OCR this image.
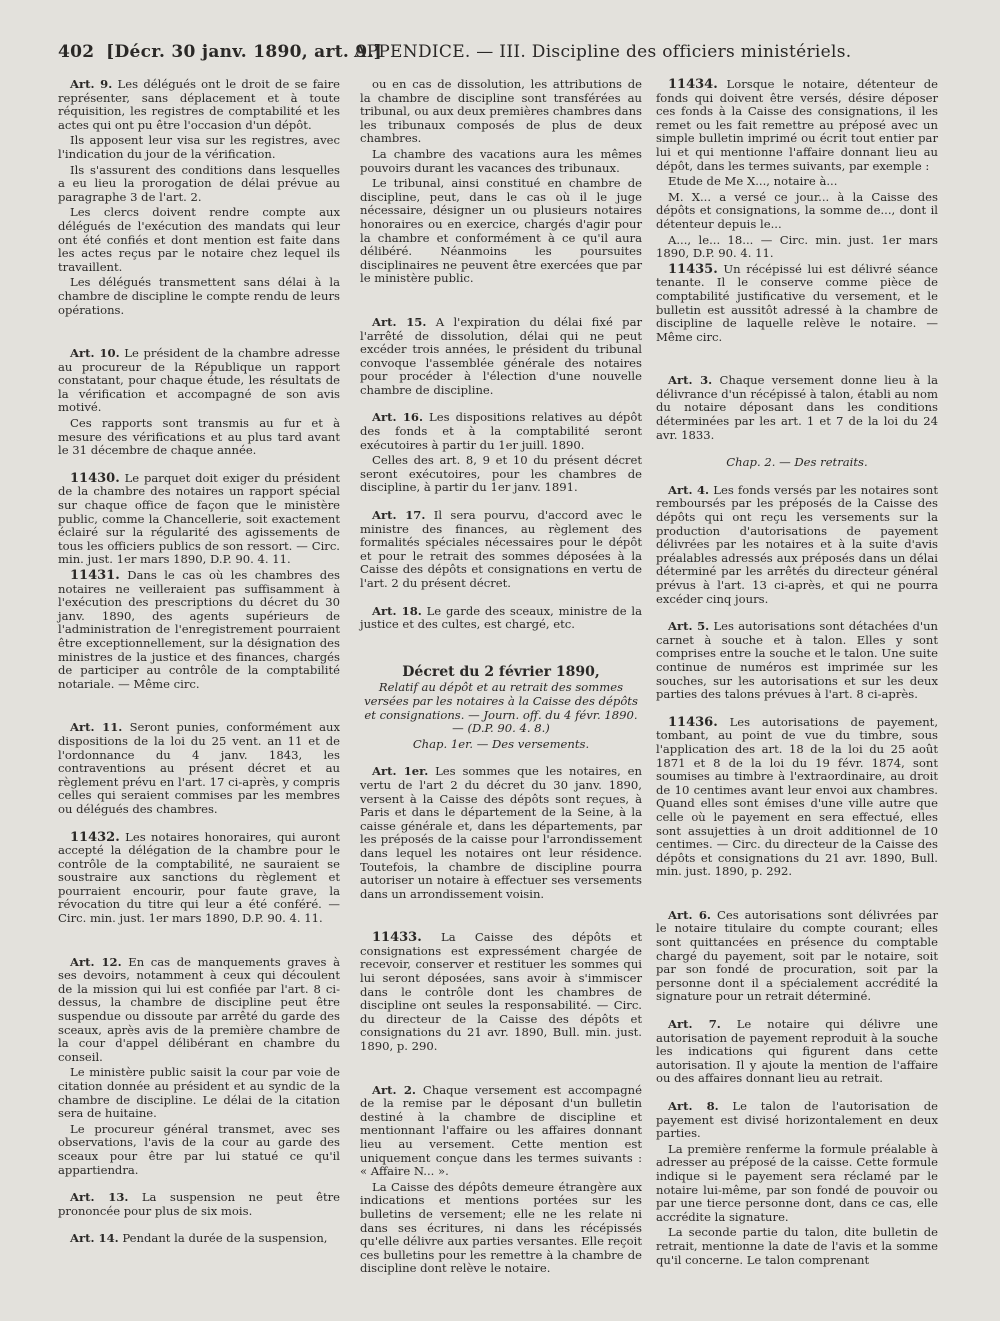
402 [Décr. 30 janv. 1890, art. 9.]
APPENDICE. — III. Discipline des officiers ministériels.

Art. 9. Les délégués ont le droit de se faire représenter, sans déplacement et à toute réquisition, les registres de comptabilité et les actes qui ont pu être l'occasion d'un dépôt.

Ils apposent leur visa sur les registres, avec l'indication du jour de la vérification.

Ils s'assurent des conditions dans lesquelles a eu lieu la prorogation de délai prévue au paragraphe 3 de l'art. 2.

Les clercs doivent rendre compte aux délégués de l'exécution des mandats qui leur ont été confiés et dont mention est faite dans les actes reçus par le notaire chez lequel ils travaillent.

Les délégués transmettent sans délai à la chambre de discipline le compte rendu de leurs opérations.

Art. 10. Le président de la chambre adresse au procureur de la République un rapport constatant, pour chaque étude, les résultats de la vérification et accompagné de son avis motivé.

Ces rapports sont transmis au fur et à mesure des vérifications et au plus tard avant le 31 décembre de chaque année.

11430. Le parquet doit exiger du président de la chambre des notaires un rapport spécial sur chaque office de façon que le ministère public, comme la Chancellerie, soit exactement éclairé sur la régularité des agissements de tous les officiers publics de son ressort. — Circ. min. just. 1er mars 1890, D.P. 90. 4. 11.

11431. Dans le cas où les chambres des notaires ne veilleraient pas suffisamment à l'exécution des prescriptions du décret du 30 janv. 1890, des agents supérieurs de l'administration de l'enregistrement pourraient être exceptionnellement, sur la désignation des ministres de la justice et des finances, chargés de participer au contrôle de la comptabilité notariale. — Même circ.

Art. 11. Seront punies, conformément aux dispositions de la loi du 25 vent. an 11 et de l'ordonnance du 4 janv. 1843, les contraventions au présent décret et au règlement prévu en l'art. 17 ci-après, y compris celles qui seraient commises par les membres ou délégués des chambres.

11432. Les notaires honoraires, qui auront accepté la délégation de la chambre pour le contrôle de la comptabilité, ne sauraient se soustraire aux sanctions du règlement et pourraient encourir, pour faute grave, la révocation du titre qui leur a été conféré. — Circ. min. just. 1er mars 1890, D.P. 90. 4. 11.

Art. 12. En cas de manquements graves à ses devoirs, notamment à ceux qui découlent de la mission qui lui est confiée par l'art. 8 ci-dessus, la chambre de discipline peut être suspendue ou dissoute par arrêté du garde des sceaux, après avis de la première chambre de la cour d'appel délibérant en chambre du conseil.

Le ministère public saisit la cour par voie de citation donnée au président et au syndic de la chambre de discipline. Le délai de la citation sera de huitaine.

Le procureur général transmet, avec ses observations, l'avis de la cour au garde des sceaux pour être par lui statué ce qu'il appartiendra.

Art. 13. La suspension ne peut être prononcée pour plus de six mois.

Art. 14. Pendant la durée de la suspension,

ou en cas de dissolution, les attributions de la chambre de discipline sont transférées au tribunal, ou aux deux premières chambres dans les tribunaux composés de plus de deux chambres.

La chambre des vacations aura les mêmes pouvoirs durant les vacances des tribunaux.

Le tribunal, ainsi constitué en chambre de discipline, peut, dans le cas où il le juge nécessaire, désigner un ou plusieurs notaires honoraires ou en exercice, chargés d'agir pour la chambre et conformément à ce qu'il aura délibéré. Néanmoins les poursuites disciplinaires ne peuvent être exercées que par le ministère public.

Art. 15. A l'expiration du délai fixé par l'arrêté de dissolution, délai qui ne peut excéder trois années, le président du tribunal convoque l'assemblée générale des notaires pour procéder à l'élection d'une nouvelle chambre de discipline.

Art. 16. Les dispositions relatives au dépôt des fonds et à la comptabilité seront exécutoires à partir du 1er juill. 1890.

Celles des art. 8, 9 et 10 du présent décret seront exécutoires, pour les chambres de discipline, à partir du 1er janv. 1891.

Art. 17. Il sera pourvu, d'accord avec le ministre des finances, au règlement des formalités spéciales nécessaires pour le dépôt et pour le retrait des sommes déposées à la Caisse des dépôts et consignations en vertu de l'art. 2 du présent décret.

Art. 18. Le garde des sceaux, ministre de la justice et des cultes, est chargé, etc.

Décret du 2 février 1890,

Relatif au dépôt et au retrait des sommes versées par les notaires à la Caisse des dépôts et consignations. — Journ. off. du 4 févr. 1890. — (D.P. 90. 4. 8.)

Chap. 1er. — Des versements.

Art. 1er. Les sommes que les notaires, en vertu de l'art 2 du décret du 30 janv. 1890, versent à la Caisse des dépôts sont reçues, à Paris et dans le département de la Seine, à la caisse générale et, dans les départements, par les préposés de la caisse pour l'arrondissement dans lequel les notaires ont leur résidence. Toutefois, la chambre de discipline pourra autoriser un notaire à effectuer ses versements dans un arrondissement voisin.

11433. La Caisse des dépôts et consignations est expressément chargée de recevoir, conserver et restituer les sommes qui lui seront déposées, sans avoir à s'immiscer dans le contrôle dont les chambres de discipline ont seules la responsabilité. — Circ. du directeur de la Caisse des dépôts et consignations du 21 avr. 1890, Bull. min. just. 1890, p. 290.

Art. 2. Chaque versement est accompagné de la remise par le déposant d'un bulletin destiné à la chambre de discipline et mentionnant l'affaire ou les affaires donnant lieu au versement. Cette mention est uniquement conçue dans les termes suivants : « Affaire N... ».

La Caisse des dépôts demeure étrangère aux indications et mentions portées sur les bulletins de versement; elle ne les relate ni dans ses écritures, ni dans les récépissés qu'elle délivre aux parties versantes. Elle reçoit ces bulletins pour les remettre à la chambre de discipline dont relève le notaire.

11434. Lorsque le notaire, détenteur de fonds qui doivent être versés, désire déposer ces fonds à la Caisse des consignations, il les remet ou les fait remettre au préposé avec un simple bulletin imprimé ou écrit tout entier par lui et qui mentionne l'affaire donnant lieu au dépôt, dans les termes suivants, par exemple :

Etude de Me X..., notaire à...

M. X... a versé ce jour... à la Caisse des dépôts et consignations, la somme de..., dont il détenteur depuis le...

A..., le... 18... — Circ. min. just. 1er mars 1890, D.P. 90. 4. 11.

11435. Un récépissé lui est délivré séance tenante. Il le conserve comme pièce de comptabilité justificative du versement, et le bulletin est aussitôt adressé à la chambre de discipline de laquelle relève le notaire. — Même circ.

Art. 3. Chaque versement donne lieu à la délivrance d'un récépissé à talon, établi au nom du notaire déposant dans les conditions déterminées par les art. 1 et 7 de la loi du 24 avr. 1833.

Chap. 2. — Des retraits.

Art. 4. Les fonds versés par les notaires sont remboursés par les préposés de la Caisse des dépôts qui ont reçu les versements sur la production d'autorisations de payement délivrées par les notaires et à la suite d'avis préalables adressés aux préposés dans un délai déterminé par les arrêtés du directeur général prévus à l'art. 13 ci-après, et qui ne pourra excéder cinq jours.

Art. 5. Les autorisations sont détachées d'un carnet à souche et à talon. Elles y sont comprises entre la souche et le talon. Une suite continue de numéros est imprimée sur les souches, sur les autorisations et sur les deux parties des talons prévues à l'art. 8 ci-après.

11436. Les autorisations de payement, tombant, au point de vue du timbre, sous l'application des art. 18 de la loi du 25 août 1871 et 8 de la loi du 19 févr. 1874, sont soumises au timbre à l'extraordinaire, au droit de 10 centimes avant leur envoi aux chambres. Quand elles sont émises d'une ville autre que celle où le payement en sera effectué, elles sont assujetties à un droit additionnel de 10 centimes. — Circ. du directeur de la Caisse des dépôts et consignations du 21 avr. 1890, Bull. min. just. 1890, p. 292.

Art. 6. Ces autorisations sont délivrées par le notaire titulaire du compte courant; elles sont quittancées en présence du comptable chargé du payement, soit par le notaire, soit par son fondé de procuration, soit par la personne dont il a spécialement accrédité la signature pour un retrait déterminé.

Art. 7. Le notaire qui délivre une autorisation de payement reproduit à la souche les indications qui figurent dans cette autorisation. Il y ajoute la mention de l'affaire ou des affaires donnant lieu au retrait.

Art. 8. Le talon de l'autorisation de payement est divisé horizontalement en deux parties.

La première renferme la formule préalable à adresser au préposé de la caisse. Cette formule indique si le payement sera réclamé par le notaire lui-même, par son fondé de pouvoir ou par une tierce personne dont, dans ce cas, elle accrédite la signature.

La seconde partie du talon, dite bulletin de retrait, mentionne la date de l'avis et la somme qu'il concerne. Le talon comprenant
